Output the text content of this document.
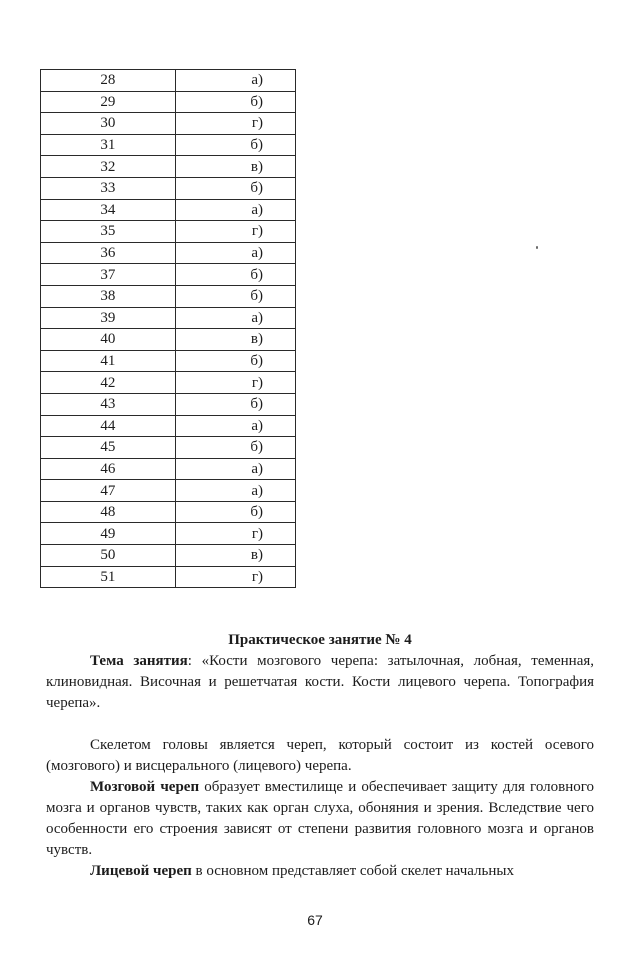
28	а)
29	б)
30	г)
31	б)
32	в)
33	б)
34	а)
35	г)
36	а)
37	б)
38	б)
39	а)
40	в)
41	б)
42	г)
43	б)
44	а)
45	б)
46	а)
47	а)
48	б)
49	г)
50	в)
51	г)
Практическое занятие № 4

Тема занятия: «Кости мозгового черепа: затылочная, лобная, теменная, клиновидная. Височная и решетчатая кости. Кости лицевого черепа. Топография черепа».

Скелетом головы является череп, который состоит из костей осевого (мозгового) и висцерального (лицевого) черепа.

Мозговой череп образует вместилище и обеспечивает защиту для головного мозга и органов чувств, таких как орган слуха, обоняния и зрения. Вследствие чего особенности его строения зависят от степени развития головного мозга и органов чувств.

Лицевой череп в основном представляет собой скелет начальных

67
